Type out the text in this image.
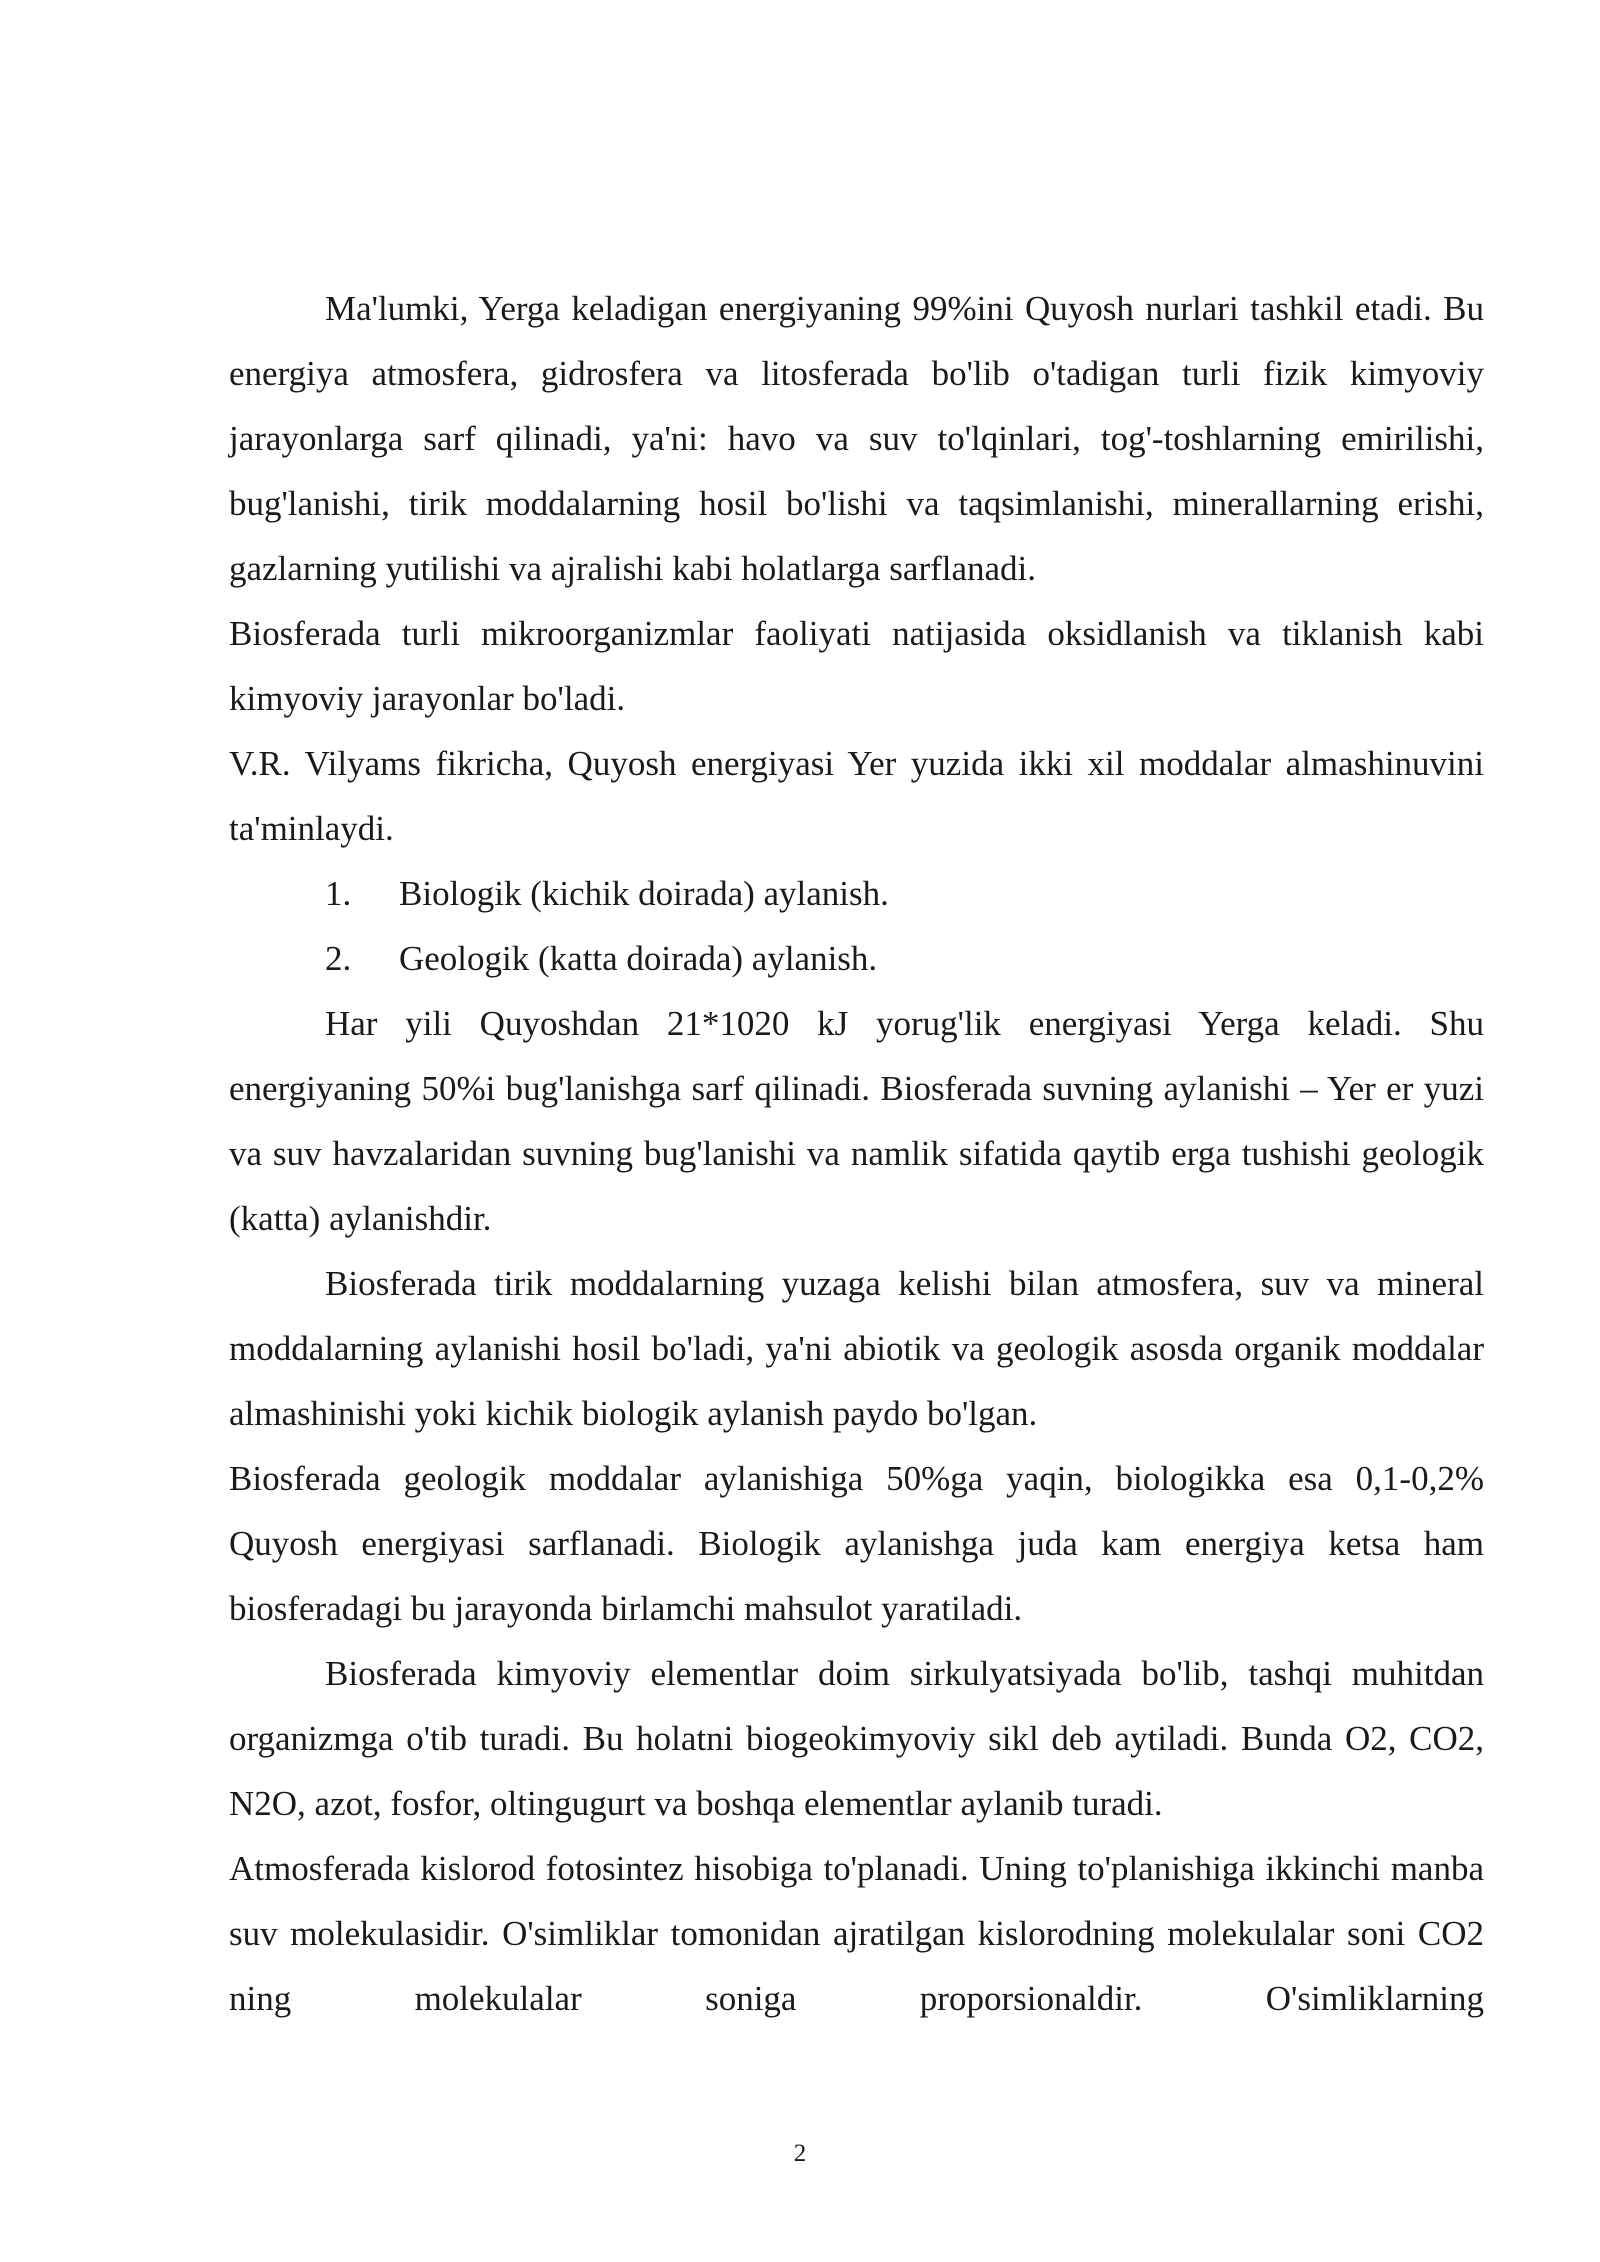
Ma'lumki, Yerga keladigan energiyaning 99%ini Quyosh nurlari tashkil etadi. Bu energiya atmosfera, gidrosfera va litosferada bo'lib o'tadigan turli fizik kimyoviy jarayonlarga sarf qilinadi, ya'ni: havo va suv to'lqinlari, tog'-toshlarning emirilishi, bug'lanishi, tirik moddalarning hosil bo'lishi va taqsimlanishi, minerallarning erishi, gazlarning yutilishi va ajralishi kabi holatlarga sarflanadi.

Biosferada turli mikroorganizmlar faoliyati natijasida oksidlanish va tiklanish kabi kimyoviy jarayonlar bo'ladi.

V.R. Vilyams fikricha, Quyosh energiyasi Yer yuzida ikki xil moddalar almashinuvini ta'minlaydi.

1.	Biologik (kichik doirada) aylanish.
2.	Geologik (katta doirada) aylanish.

Har yili Quyoshdan 21*1020 kJ yorug'lik energiyasi Yerga keladi. Shu energiyaning 50%i bug'lanishga sarf qilinadi. Biosferada suvning aylanishi – Yer er yuzi va suv havzalaridan suvning bug'lanishi va namlik sifatida qaytib erga tushishi geologik (katta) aylanishdir.

Biosferada tirik moddalarning yuzaga kelishi bilan atmosfera, suv va mineral moddalarning aylanishi hosil bo'ladi, ya'ni abiotik va geologik asosda organik moddalar almashinishi yoki kichik biologik aylanish paydo bo'lgan.

Biosferada geologik moddalar aylanishiga 50%ga yaqin, biologikka esa 0,1-0,2% Quyosh energiyasi sarflanadi. Biologik aylanishga juda kam energiya ketsa ham biosferadagi bu jarayonda birlamchi mahsulot yaratiladi.

Biosferada kimyoviy elementlar doim sirkulyatsiyada bo'lib, tashqi muhitdan organizmga o'tib turadi. Bu holatni biogeokimyoviy sikl deb aytiladi. Bunda O2, CO2, N2O, azot, fosfor, oltingugurt va boshqa elementlar aylanib turadi.

Atmosferada kislorod fotosintez hisobiga to'planadi. Uning to'planishiga ikkinchi manba suv molekulasidir. O'simliklar tomonidan ajratilgan kislorodning molekulalar soni CO2 ning molekulalar soniga proporsionaldir. O'simliklarning

2
